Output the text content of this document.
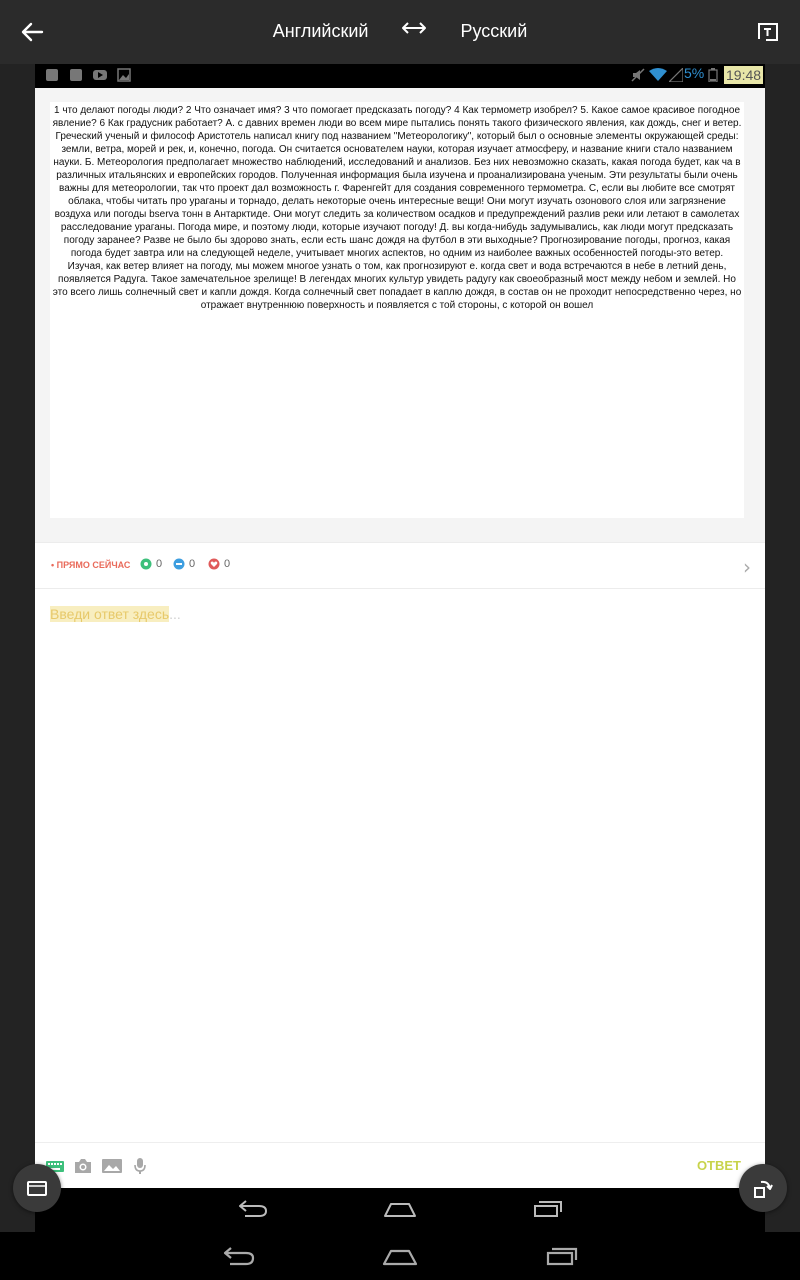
Английский	Русский
5% 19:48

1 что делают погоды люди? 2 Что означает имя? 3 что помогает предсказать погоду? 4 Как термометр изобрел? 5. Какое самое красивое погодное явление? 6 Как градусник работает? А. с давних времен люди во всем мире пытались понять такого физического явления, как дождь, снег и ветер. Греческий ученый и философ Аристотель написал книгу под названием "Метеорологику", который был о основные элементы окружающей среды: земли, ветра, морей и рек, и, конечно, погода. Он считается основателем науки, которая изучает атмосферу, и название книги стало названием науки. Б. Метеорология предполагает множество наблюдений, исследований и анализов. Без них невозможно сказать, какая погода будет, как ча в различных итальянских и европейских городов. Полученная информация была изучена и проанализирована ученым. Эти результаты были очень важны для метеорологии, так что проект дал возможность г. Фаренгейт для создания современного термометра. С, если вы любите все смотрят облака, чтобы читать про ураганы и торнадо, делать некоторые очень интересные вещи! Они могут изучать озонового слоя или загрязнение воздуха или погоды bserva тонн в Антарктиде. Они могут следить за количеством осадков и предупреждений разлив реки или летают в самолетах расследование ураганы. Погода мире, и поэтому люди, которые изучают погоду! Д. вы когда-нибудь задумывались, как люди могут предсказать погоду заранее? Разве не было бы здорово знать, если есть шанс дождя на футбол в эти выходные? Прогнозирование погоды, прогноз, какая погода будет завтра или на следующей неделе, учитывает многих аспектов, но одним из наиболее важных особенностей погоды-это ветер. Изучая, как ветер влияет на погоду, мы можем многое узнать о том, как прогнозируют е. когда свет и вода встречаются в небе в летний день, появляется Радуга. Такое замечательное зрелище! В легендах многих культур увидеть радугу как своеобразный мост между небом и землей. Но это всего лишь солнечный свет и капли дождя. Когда солнечный свет попадает в каплю дождя, в состав он не проходит непосредственно через, но отражает внутреннюю поверхность и появляется с той стороны, с которой он вошел

• ПРЯМО СЕЙЧАС	0	0	0	›
Введи ответ здесь...
ОТВЕТ
